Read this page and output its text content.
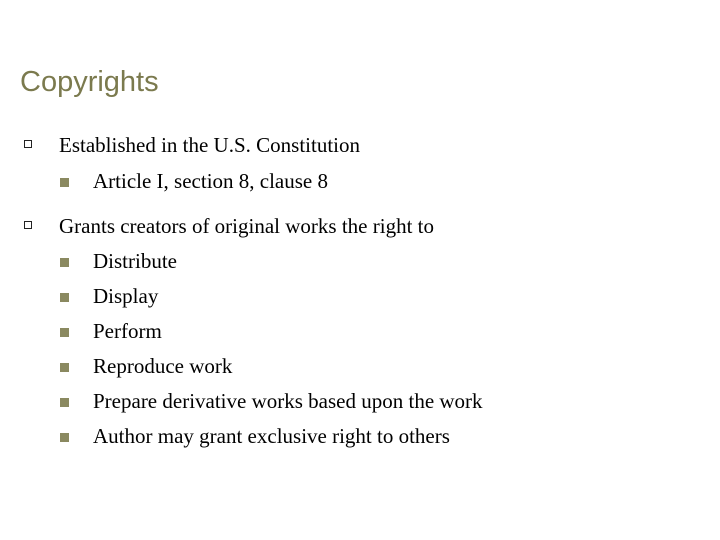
Copyrights
Established in the U.S. Constitution
Article I, section 8, clause 8
Grants creators of original works the right to
Distribute
Display
Perform
Reproduce work
Prepare derivative works based upon the work
Author may grant exclusive right to others
